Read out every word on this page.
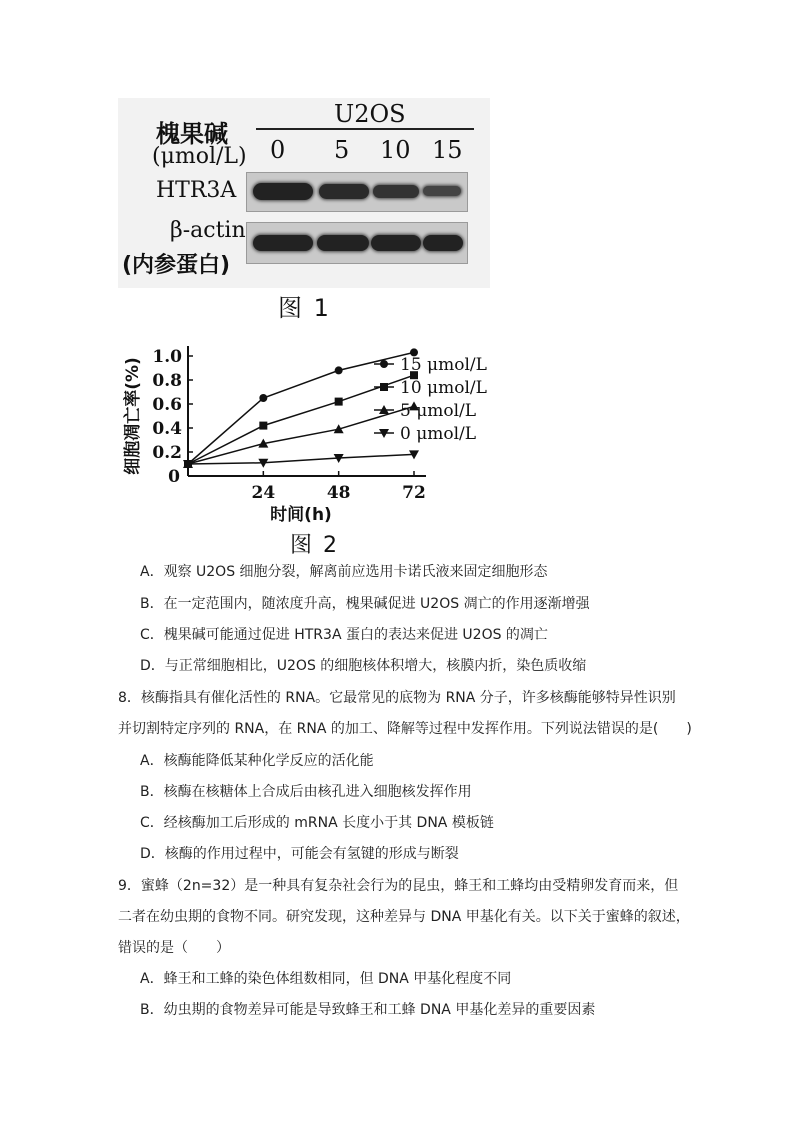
U2OS
槐果碱
(μmol/L) 0 5 10 15
HTR3A
β-actin
(内参蛋白)
图 1
0
0.2
0.4
0.6
0.8
1.0
24	48	72
时间(h)
细胞凋亡率(%)	15 μmol/L
10 μmol/L
5 μmol/L
0 μmol/L
图 2
A．观察 U2OS 细胞分裂，解离前应选用卡诺氏液来固定细胞形态
B．在一定范围内，随浓度升高，槐果碱促进 U2OS 凋亡的作用逐渐增强
C．槐果碱可能通过促进 HTR3A 蛋白的表达来促进 U2OS 的凋亡
D．与正常细胞相比，U2OS 的细胞核体积增大，核膜内折，染色质收缩
8．核酶指具有催化活性的 RNA。它最常见的底物为 RNA 分子，许多核酶能够特异性识别
并切割特定序列的 RNA，在 RNA 的加工、降解等过程中发挥作用。下列说法错误的是(　　)
A．核酶能降低某种化学反应的活化能
B．核酶在核糖体上合成后由核孔进入细胞核发挥作用
C．经核酶加工后形成的 mRNA 长度小于其 DNA 模板链
D．核酶的作用过程中，可能会有氢键的形成与断裂
9．蜜蜂（2n=32）是一种具有复杂社会行为的昆虫，蜂王和工蜂均由受精卵发育而来，但
二者在幼虫期的食物不同。研究发现，这种差异与 DNA 甲基化有关。以下关于蜜蜂的叙述，
错误的是（　　）
A．蜂王和工蜂的染色体组数相同，但 DNA 甲基化程度不同
B．幼虫期的食物差异可能是导致蜂王和工蜂 DNA 甲基化差异的重要因素
